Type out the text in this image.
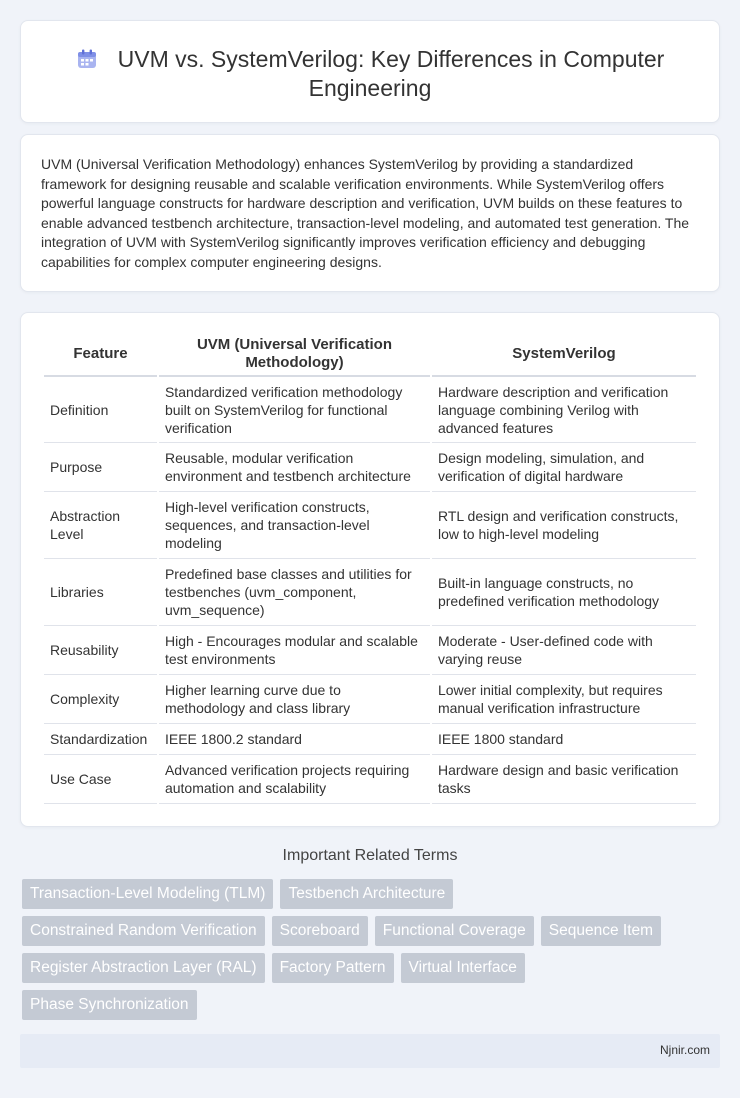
UVM vs. SystemVerilog: Key Differences in Computer Engineering

UVM (Universal Verification Methodology) enhances SystemVerilog by providing a standardized framework for designing reusable and scalable verification environments. While SystemVerilog offers powerful language constructs for hardware description and verification, UVM builds on these features to enable advanced testbench architecture, transaction-level modeling, and automated test generation. The integration of UVM with SystemVerilog significantly improves verification efficiency and debugging capabilities for complex computer engineering designs.

Feature	UVM (Universal Verification Methodology)	SystemVerilog
Definition	Standardized verification methodology built on SystemVerilog for functional verification	Hardware description and verification language combining Verilog with advanced features
Purpose	Reusable, modular verification environment and testbench architecture	Design modeling, simulation, and verification of digital hardware
Abstraction Level	High-level verification constructs, sequences, and transaction-level modeling	RTL design and verification constructs, low to high-level modeling
Libraries	Predefined base classes and utilities for testbenches (uvm_component, uvm_sequence)	Built-in language constructs, no predefined verification methodology
Reusability	High - Encourages modular and scalable test environments	Moderate - User-defined code with varying reuse
Complexity	Higher learning curve due to methodology and class library	Lower initial complexity, but requires manual verification infrastructure
Standardization	IEEE 1800.2 standard	IEEE 1800 standard
Use Case	Advanced verification projects requiring automation and scalability	Hardware design and basic verification tasks
Important Related Terms
Transaction-Level Modeling (TLM)	Testbench Architecture
Constrained Random Verification	Scoreboard	Functional Coverage	Sequence Item
Register Abstraction Layer (RAL)	Factory Pattern	Virtual Interface
Phase Synchronization
Njnir.com
